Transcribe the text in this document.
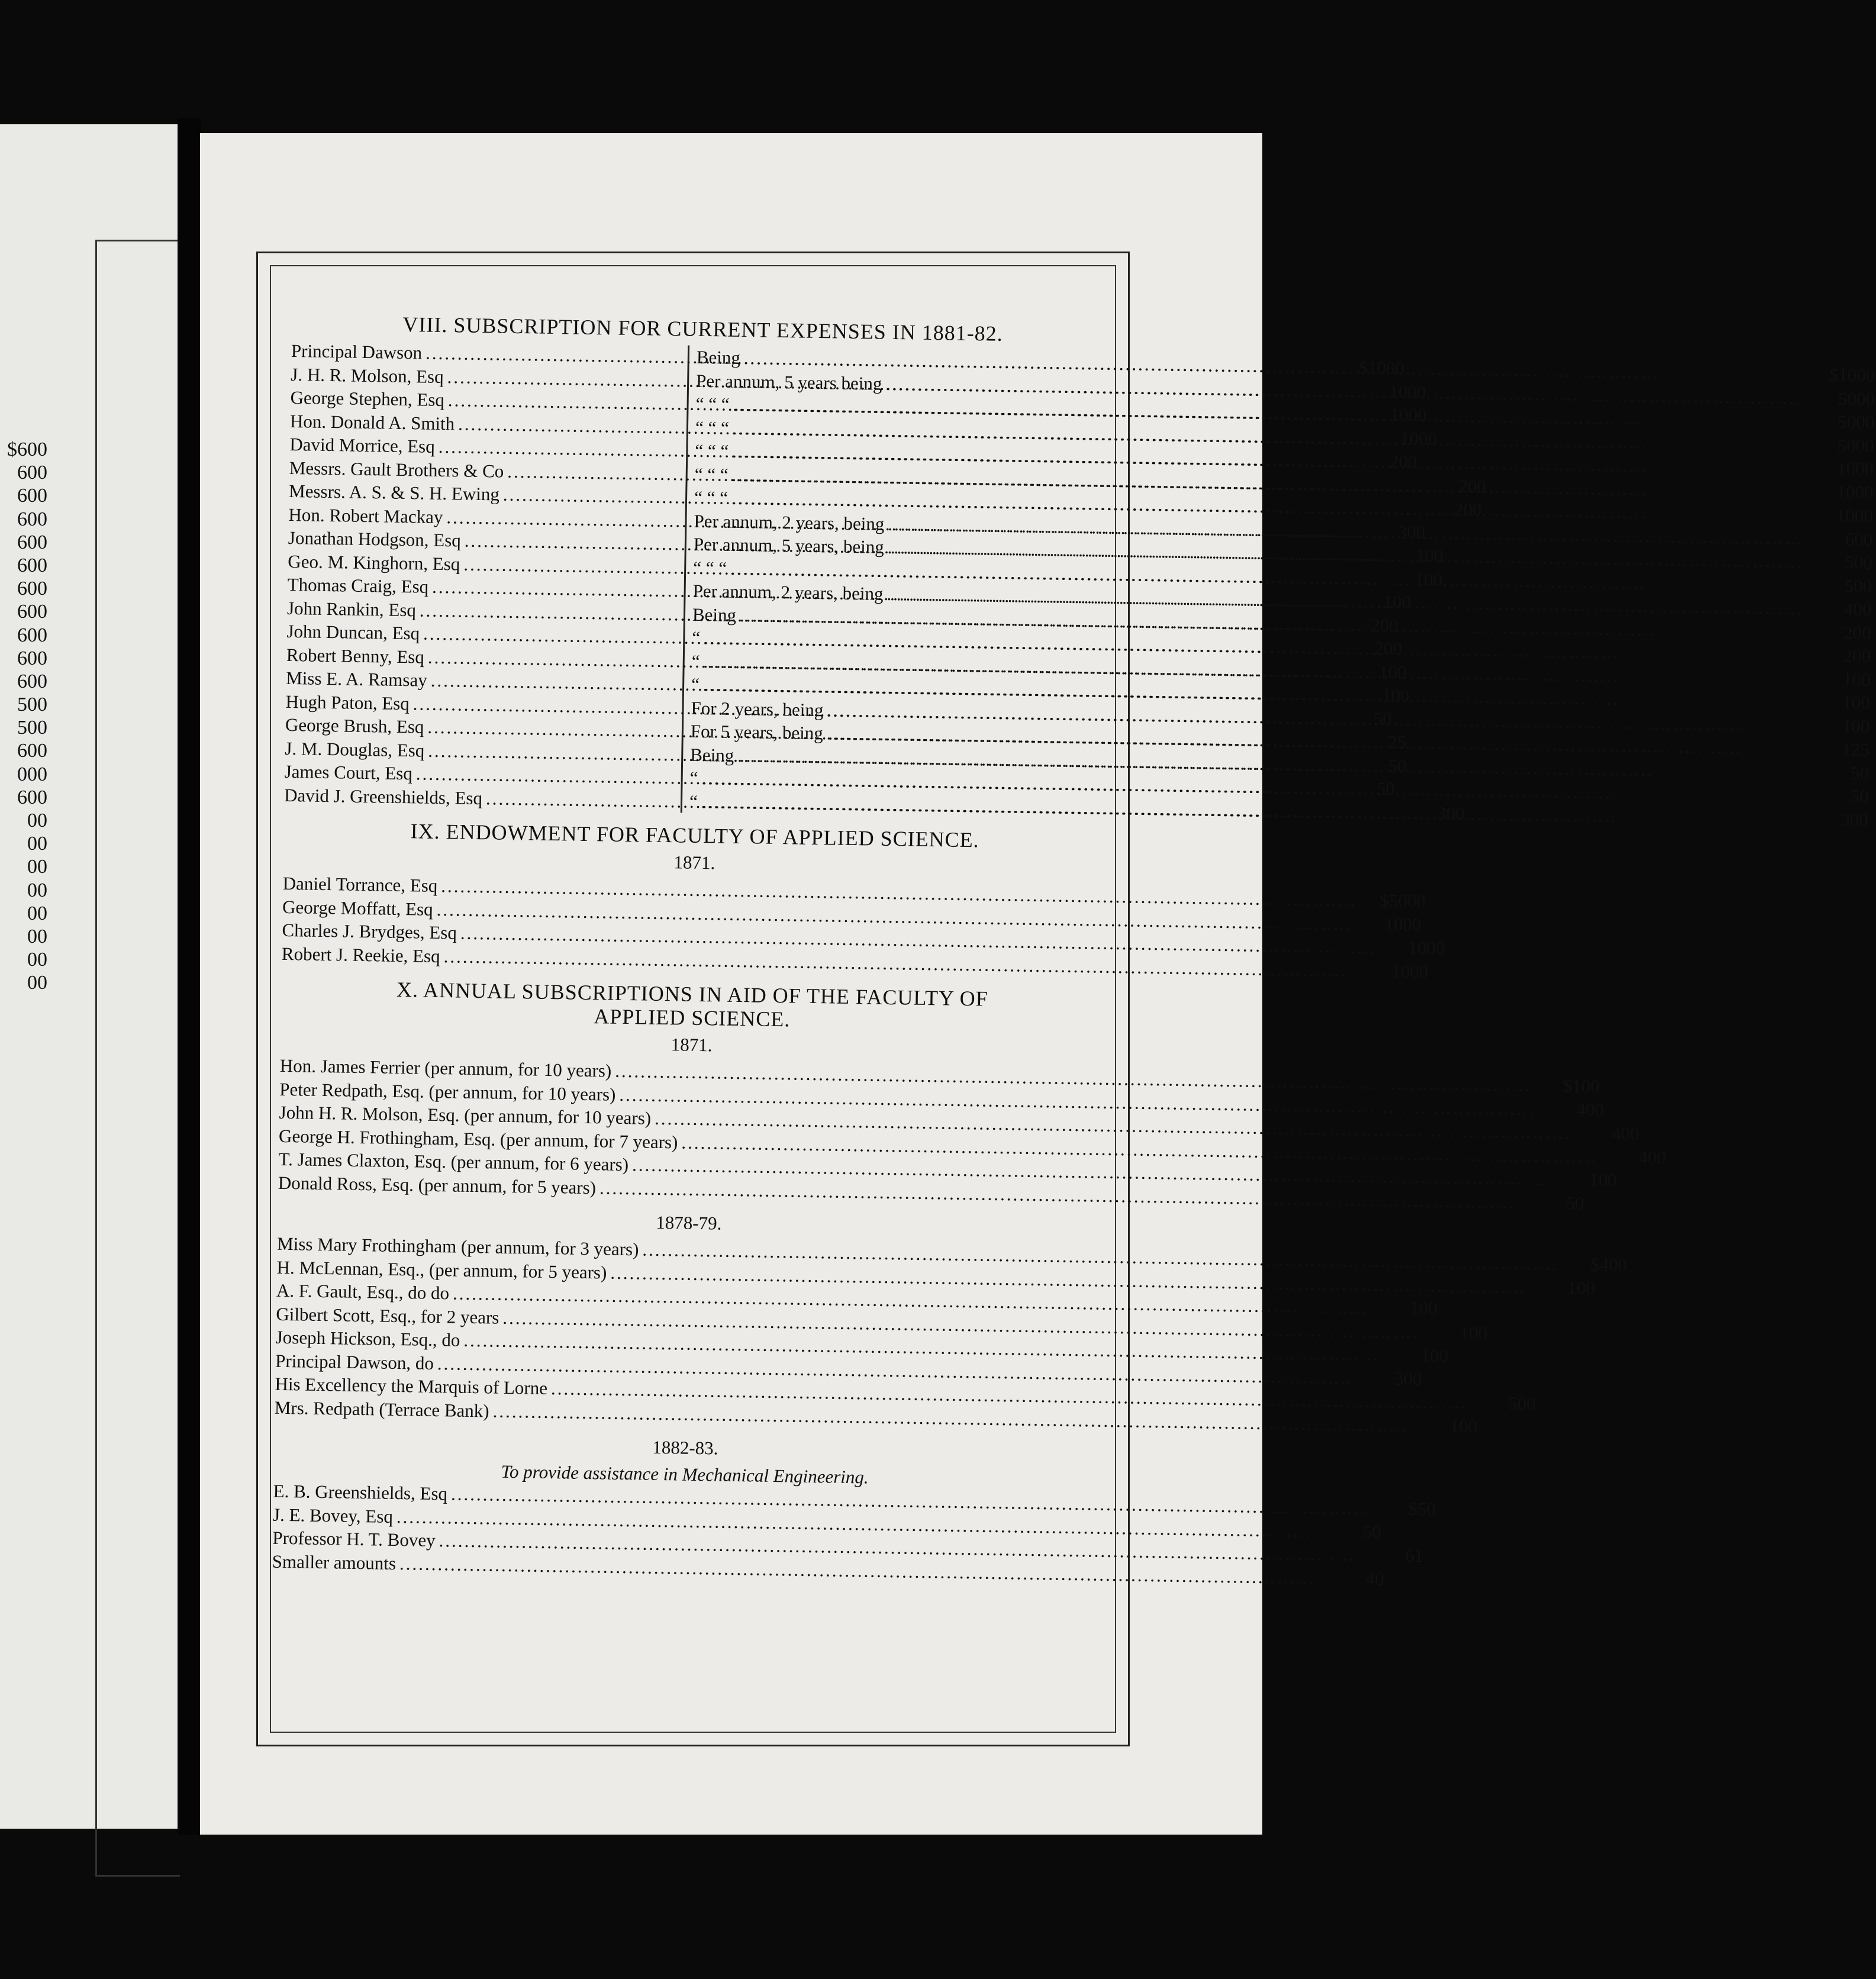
$600
600
600
600
600
600
600
600
600
600
600
500
500
600
000
600
00
00
00
00
00
00
00
00
VIII. SUBSCRIPTION FOR CURRENT EXPENSES IN 1881-82.
Principal Dawson
.....
$1000
J. H. R. Molson, Esq
.....
1000
George Stephen, Esq
.....
1000
Hon. Donald A. Smith
.....
1000
David Morrice, Esq
.....
200
Messrs. Gault Brothers & Co
.....
200
Messrs. A. S. & S. H. Ewing
.....
200
Hon. Robert Mackay
.....
300
Jonathan Hodgson, Esq
.....
100
Geo. M. Kinghorn, Esq
.....
100
Thomas Craig, Esq
.....
100
John Rankin, Esq
.....
200
John Duncan, Esq
.....
200
Robert Benny, Esq
.....
100
Miss E. A. Ramsay
.....
100
Hugh Paton, Esq
.....
50
George Brush, Esq
.....
25
J. M. Douglas, Esq
.....
50
James Court, Esq
.....
50
David J. Greenshields, Esq
.....
300
Being
.....
$1000
Per annum, 5 years being
.....
5000
“ “ “
.....
5000
“ “ “
.....
5000
“ “ “
.....
1000
“ “ “
.....
1000
“ “ “
.....
1000
Per annum, 2 years, being
.....
600
Per annum, 5 years, being
.....
500
“ “ “
.....
500
Per annum, 2 years, being
.....
400
Being
.....
200
“
.....
200
“
.....
100
“
.....
100
For 2 years, being
.....
100
For 5 years, being
.....
125
Being
.....
50
“
.....
50
“
.....
300
IX. ENDOWMENT FOR FACULTY OF APPLIED SCIENCE.
1871.
Daniel Torrance, Esq
.....
$5000
George Moffatt, Esq
.....
1000
Charles J. Brydges, Esq
.....
1000
Robert J. Reekie, Esq
.....
1000
X. ANNUAL SUBSCRIPTIONS IN AID OF THE FACULTY OF
APPLIED SCIENCE.
1871.
Hon. James Ferrier (per annum, for 10 years)
.....
$100
Peter Redpath, Esq. (per annum, for 10 years)
.....
400
John H. R. Molson, Esq. (per annum, for 10 years)
.....
400
George H. Frothingham, Esq. (per annum, for 7 years)
.....
400
T. James Claxton, Esq. (per annum, for 6 years)
.....
100
Donald Ross, Esq. (per annum, for 5 years)
.....
50
1878-79.
Miss Mary Frothingham (per annum, for 3 years)
.....
$400
H. McLennan, Esq., (per annum, for 5 years)
.....
100
A. F. Gault, Esq., do do
.....
100
Gilbert Scott, Esq., for 2 years
.....
100
Joseph Hickson, Esq., do
.....
100
Principal Dawson, do
.....
300
His Excellency the Marquis of Lorne
.....
500
Mrs. Redpath (Terrace Bank)
.....
100
1882-83.
To provide assistance in Mechanical Engineering.
E. B. Greenshields, Esq
.....
$50
J. E. Bovey, Esq
.....
50
Professor H. T. Bovey
.....
61
Smaller amounts
.....
40
